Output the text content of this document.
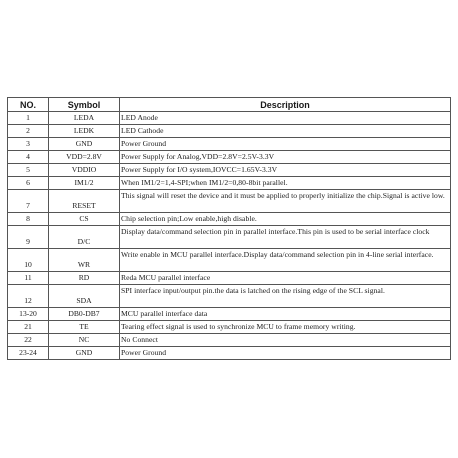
NO.	Symbol	Description
1	LEDA	LED Anode
2	LEDK	LED Cathode
3	GND	Power Ground
4	VDD=2.8V	Power Supply for Analog,VDD=2.8V=2.5V-3.3V
5	VDDIO	Power Supply for I/O system,IOVCC=1.65V-3.3V
6	IM1/2	When IM1/2=1,4-SPI;when IM1/2=0,80-8bit parallel.
7	RESET	This signal will reset the device and it must be applied to properly initialize the chip.Signal is active low.
8	CS	Chip selection pin;Low enable,high disable.
9	D/C	Display data/command selection pin in parallel interface.This pin is used to be serial interface clock
10	WR	Write enable in MCU parallel interface.Display data/command selection pin in 4-line serial interface.
11	RD	Reda MCU parallel interface
12	SDA	SPI interface input/output pin.the data is latched on the rising edge of the SCL signal.
13-20	DB0-DB7	MCU parallel interface data
21	TE	Tearing effect signal is used to synchronize MCU to frame memory writing.
22	NC	No Connect
23-24	GND	Power Ground
